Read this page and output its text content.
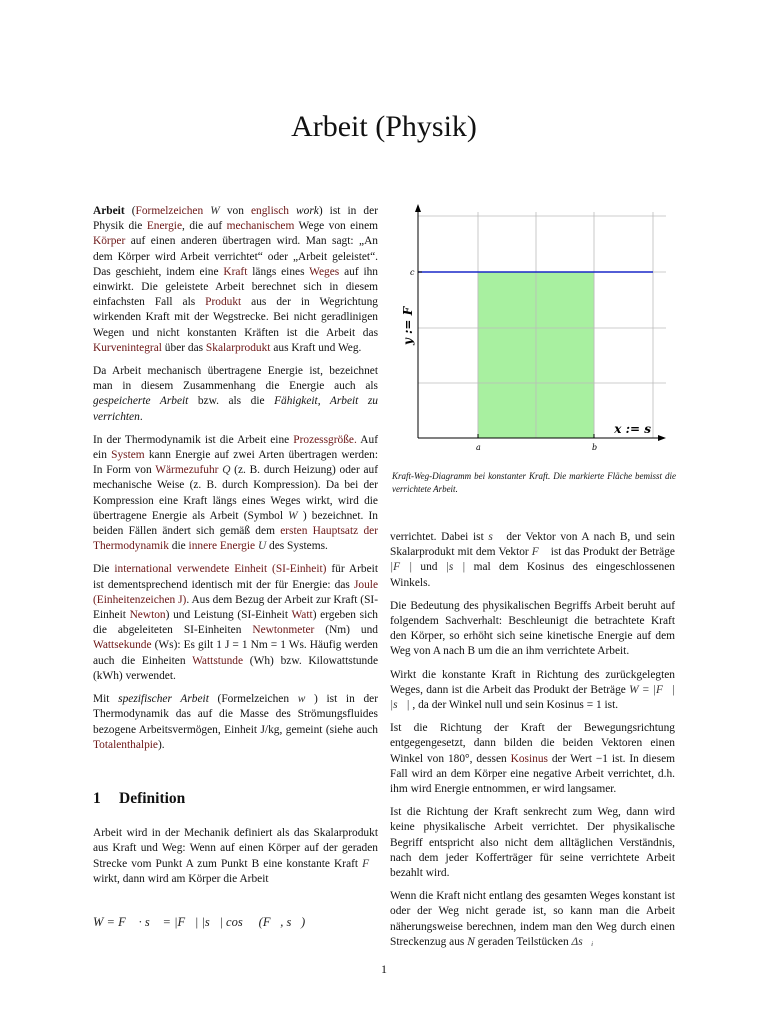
Arbeit (Physik)

Arbeit (Formelzeichen W von englisch work) ist in der Physik die Energie, die auf mechanischem Wege von einem Körper auf einen anderen übertragen wird. Man sagt: „An dem Körper wird Arbeit verrichtet“ oder „Arbeit geleistet“. Das geschieht, indem eine Kraft längs eines Weges auf ihn einwirkt. Die geleistete Arbeit berechnet sich in diesem einfachsten Fall als Produkt aus der in Wegrichtung wirkenden Kraft mit der Wegstrecke. Bei nicht geradlinigen Wegen und nicht konstanten Kräften ist die Arbeit das Kurvenintegral über das Skalarprodukt aus Kraft und Weg.

Da Arbeit mechanisch übertragene Energie ist, bezeichnet man in diesem Zusammenhang die Energie auch als gespeicherte Arbeit bzw. als die Fähigkeit, Arbeit zu verrichten.

In der Thermodynamik ist die Arbeit eine Prozessgröße. Auf ein System kann Energie auf zwei Arten übertragen werden: In Form von Wärmezufuhr Q (z. B. durch Heizung) oder auf mechanische Weise (z. B. durch Kompression). Da bei der Kompression eine Kraft längs eines Weges wirkt, wird die übertragene Energie als Arbeit (Symbol W ) bezeichnet. In beiden Fällen ändert sich gemäß dem ersten Hauptsatz der Thermodynamik die innere Energie U des Systems.

Die international verwendete Einheit (SI-Einheit) für Arbeit ist dementsprechend identisch mit der für Energie: das Joule (Einheitenzeichen J). Aus dem Bezug der Arbeit zur Kraft (SI-Einheit Newton) und Leistung (SI-Einheit Watt) ergeben sich die abgeleiteten SI-Einheiten Newtonmeter (Nm) und Wattsekunde (Ws): Es gilt 1 J = 1 Nm = 1 Ws. Häufig werden auch die Einheiten Wattstunde (Wh) bzw. Kilowattstunde (kWh) verwendet.

Mit spezifischer Arbeit (Formelzeichen w ) ist in der Thermodynamik das auf die Masse des Strömungsfluides bezogene Arbeitsvermögen, Einheit J/kg, gemeint (siehe auch Totalenthalpie).

1 Definition

Arbeit wird in der Mechanik definiert als das Skalarprodukt aus Kraft und Weg: Wenn auf einen Körper auf der geraden Strecke vom Punkt A zum Punkt B eine konstante Kraft F⃗ wirkt, dann wird am Körper die Arbeit

W = F⃗ · s⃗ = |F⃗| |s⃗| cos ∢ (F⃗, s⃗)
y := F
x := s
c
a	b
Kraft-Weg-Diagramm bei konstanter Kraft. Die markierte Fläche bemisst die verrichtete Arbeit.

verrichtet. Dabei ist s⃗ der Vektor von A nach B, und sein Skalarprodukt mit dem Vektor F⃗ ist das Produkt der Beträge |F⃗| und |s⃗| mal dem Kosinus des eingeschlossenen Winkels.

Die Bedeutung des physikalischen Begriffs Arbeit beruht auf folgendem Sachverhalt: Beschleunigt die betrachtete Kraft den Körper, so erhöht sich seine kinetische Energie auf dem Weg von A nach B um die an ihm verrichtete Arbeit.

Wirkt die konstante Kraft in Richtung des zurückgelegten Weges, dann ist die Arbeit das Produkt der Beträge W = |F⃗| |s⃗| , da der Winkel null und sein Kosinus = 1 ist.

Ist die Richtung der Kraft der Bewegungsrichtung entgegengesetzt, dann bilden die beiden Vektoren einen Winkel von 180°, dessen Kosinus der Wert −1 ist. In diesem Fall wird an dem Körper eine negative Arbeit verrichtet, d.h. ihm wird Energie entnommen, er wird langsamer.

Ist die Richtung der Kraft senkrecht zum Weg, dann wird keine physikalische Arbeit verrichtet. Der physikalische Begriff entspricht also nicht dem alltäglichen Verständnis, nach dem jeder Kofferträger für seine verrichtete Arbeit bezahlt wird.

Wenn die Kraft nicht entlang des gesamten Weges konstant ist oder der Weg nicht gerade ist, so kann man die Arbeit näherungsweise berechnen, indem man den Weg durch einen Streckenzug aus N geraden Teilstücken Δs⃗ᵢ

1
